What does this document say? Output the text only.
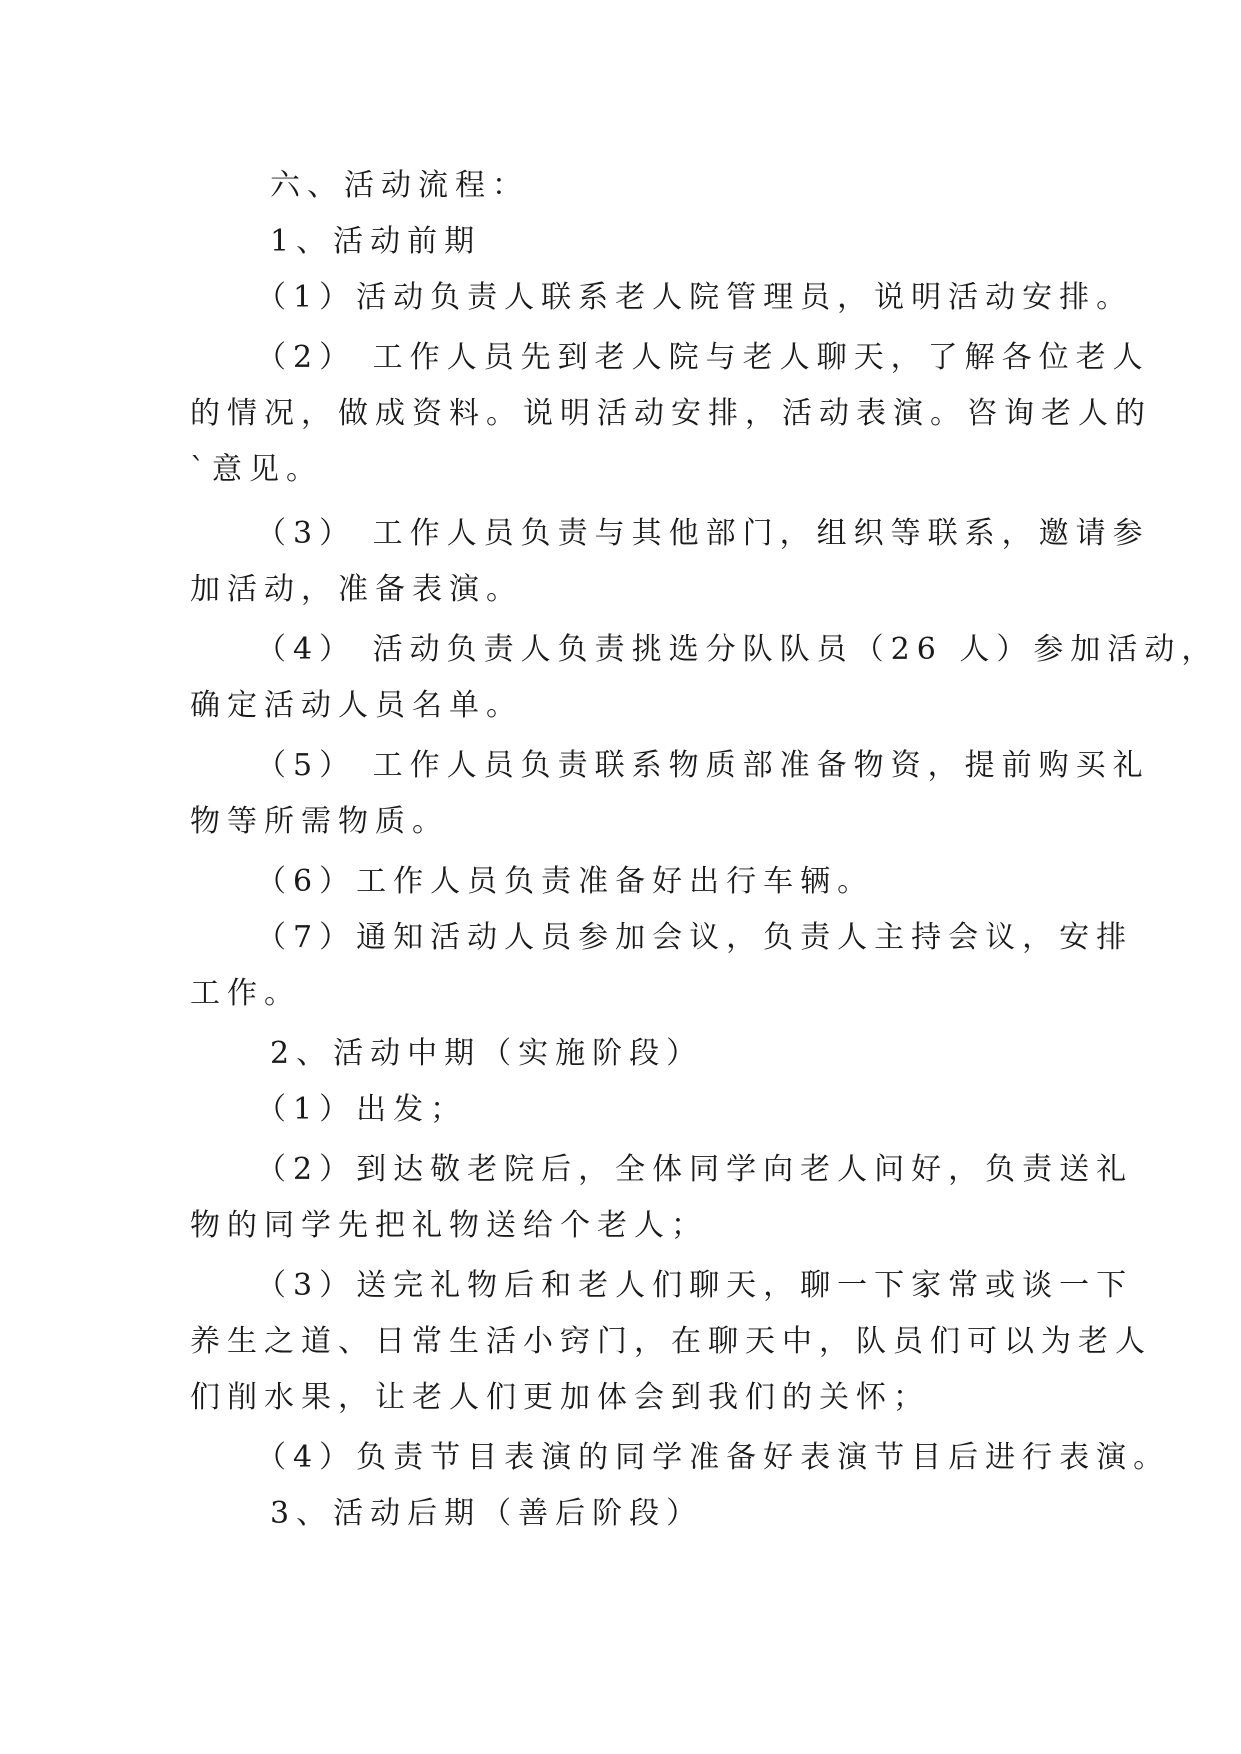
六、活动流程：
1、活动前期
（1）活动负责人联系老人院管理员，说明活动安排。
（2） 工作人员先到老人院与老人聊天，了解各位老人
的情况，做成资料。说明活动安排，活动表演。咨询老人的
`意见。
（3） 工作人员负责与其他部门，组织等联系，邀请参
加活动，准备表演。
（4） 活动负责人负责挑选分队队员（26 人）参加活动，
确定活动人员名单。
（5） 工作人员负责联系物质部准备物资，提前购买礼
物等所需物质。
（6）工作人员负责准备好出行车辆。
（7）通知活动人员参加会议，负责人主持会议，安排
工作。
2、活动中期（实施阶段）
（1）出发；
（2）到达敬老院后，全体同学向老人问好，负责送礼
物的同学先把礼物送给个老人；
（3）送完礼物后和老人们聊天，聊一下家常或谈一下
养生之道、日常生活小窍门，在聊天中，队员们可以为老人
们削水果，让老人们更加体会到我们的关怀；
（4）负责节目表演的同学准备好表演节目后进行表演。
3、活动后期（善后阶段）
